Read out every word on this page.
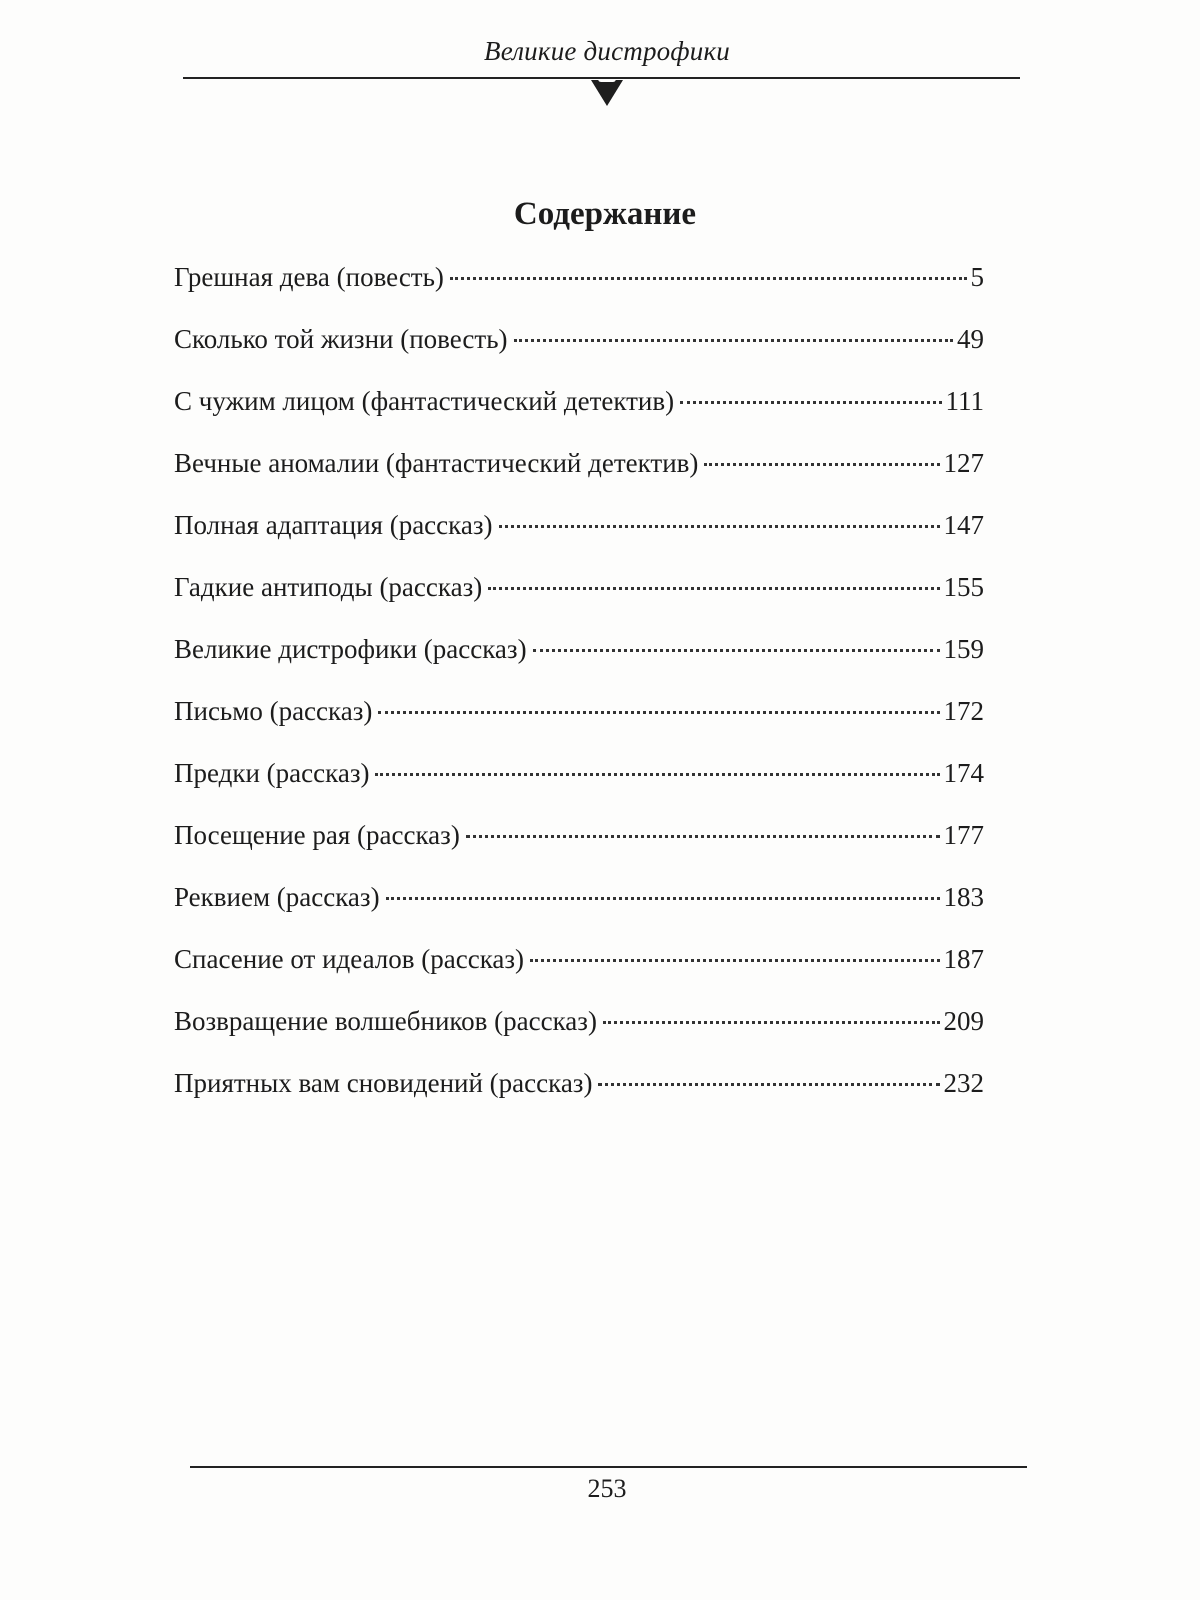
Великие дистрофики
Содержание
Грешная дева (повесть)	5
Сколько той жизни (повесть)	49
С чужим лицом (фантастический детектив)	111
Вечные аномалии (фантастический детектив)	127
Полная адаптация (рассказ)	147
Гадкие антиподы (рассказ)	155
Великие дистрофики (рассказ)	159
Письмо (рассказ)	172
Предки (рассказ)	174
Посещение рая (рассказ)	177
Реквием (рассказ)	183
Спасение от идеалов (рассказ)	187
Возвращение волшебников (рассказ)	209
Приятных вам сновидений (рассказ)	232
253
